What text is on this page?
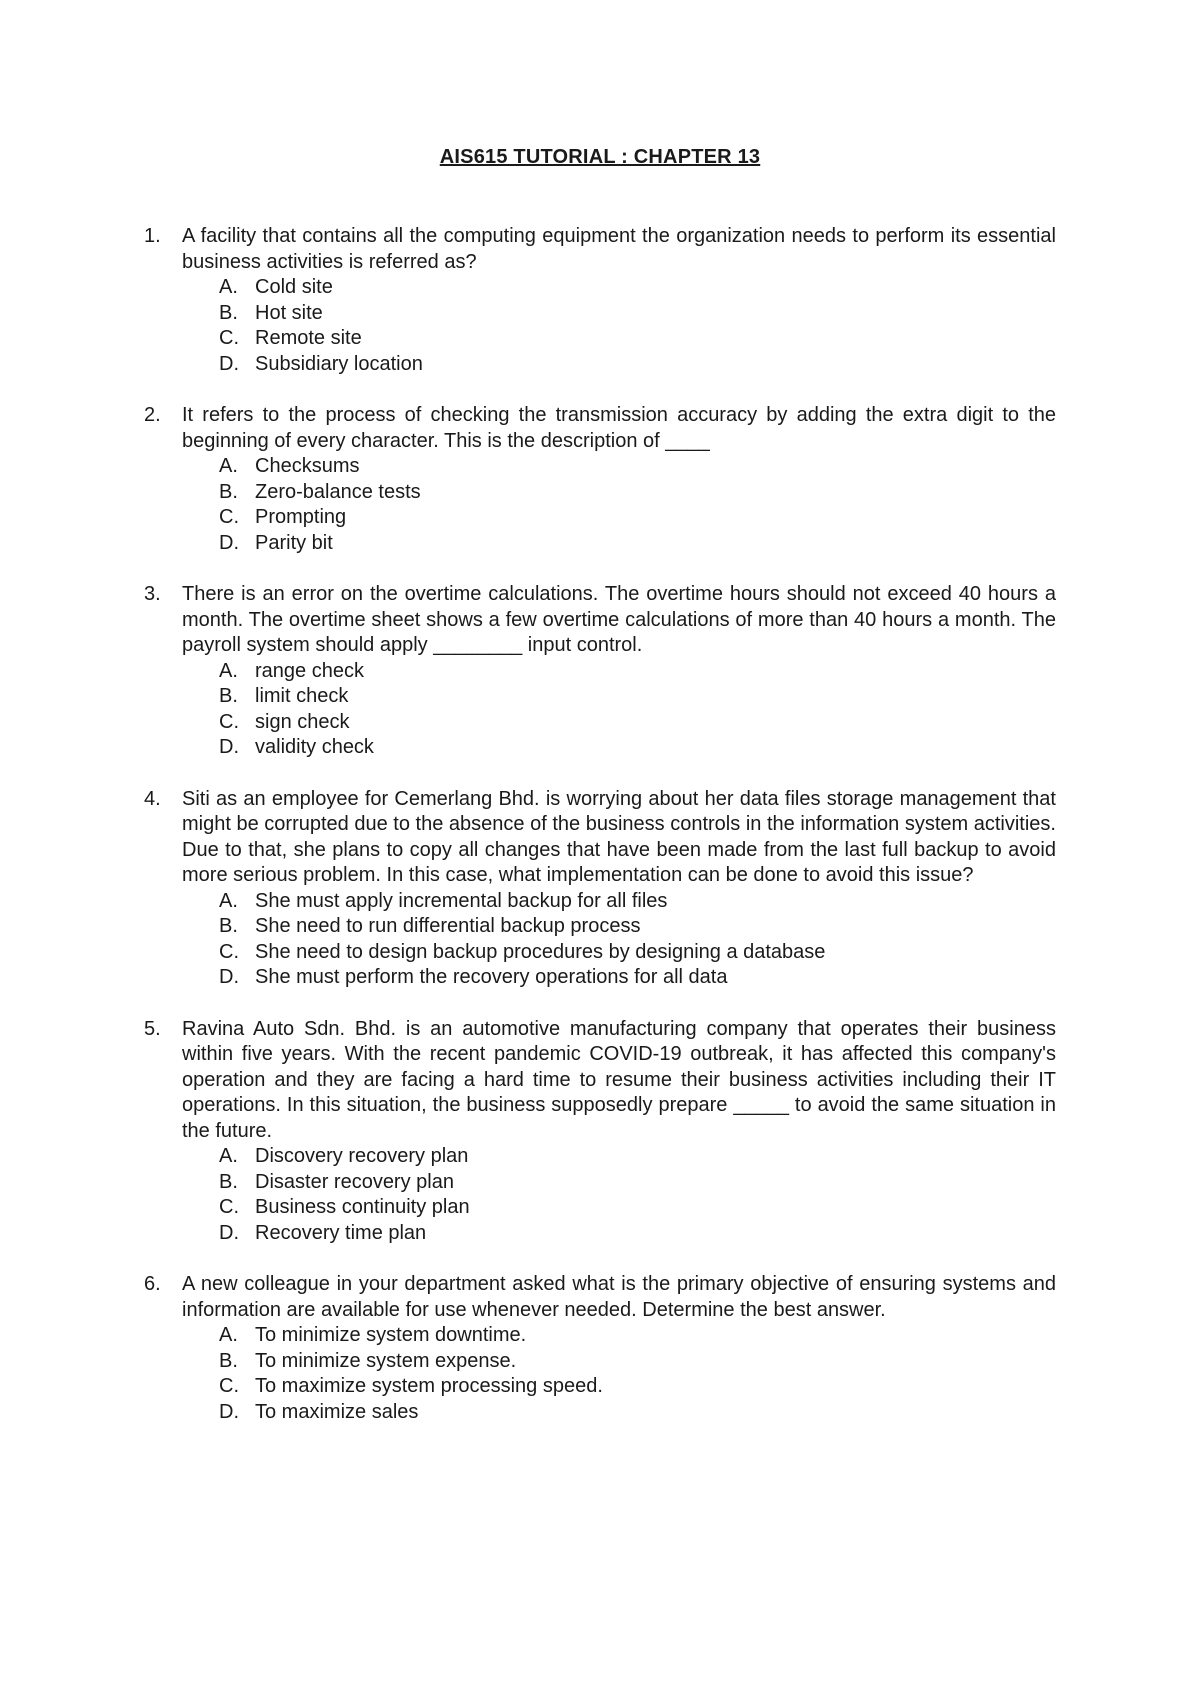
AIS615 TUTORIAL : CHAPTER 13
1. A facility that contains all the computing equipment the organization needs to perform its essential business activities is referred as?
A. Cold site
B. Hot site
C. Remote site
D. Subsidiary location
2. It refers to the process of checking the transmission accuracy by adding the extra digit to the beginning of every character. This is the description of ____
A. Checksums
B. Zero-balance tests
C. Prompting
D. Parity bit
3. There is an error on the overtime calculations. The overtime hours should not exceed 40 hours a month. The overtime sheet shows a few overtime calculations of more than 40 hours a month. The payroll system should apply ________ input control.
A. range check
B. limit check
C. sign check
D. validity check
4. Siti as an employee for Cemerlang Bhd. is worrying about her data files storage management that might be corrupted due to the absence of the business controls in the information system activities. Due to that, she plans to copy all changes that have been made from the last full backup to avoid more serious problem. In this case, what implementation can be done to avoid this issue?
A. She must apply incremental backup for all files
B. She need to run differential backup process
C. She need to design backup procedures by designing a database
D. She must perform the recovery operations for all data
5. Ravina Auto Sdn. Bhd. is an automotive manufacturing company that operates their business within five years. With the recent pandemic COVID-19 outbreak, it has affected this company's operation and they are facing a hard time to resume their business activities including their IT operations. In this situation, the business supposedly prepare _____ to avoid the same situation in the future.
A. Discovery recovery plan
B. Disaster recovery plan
C. Business continuity plan
D. Recovery time plan
6. A new colleague in your department asked what is the primary objective of ensuring systems and information are available for use whenever needed. Determine the best answer.
A. To minimize system downtime.
B. To minimize system expense.
C. To maximize system processing speed.
D. To maximize sales
